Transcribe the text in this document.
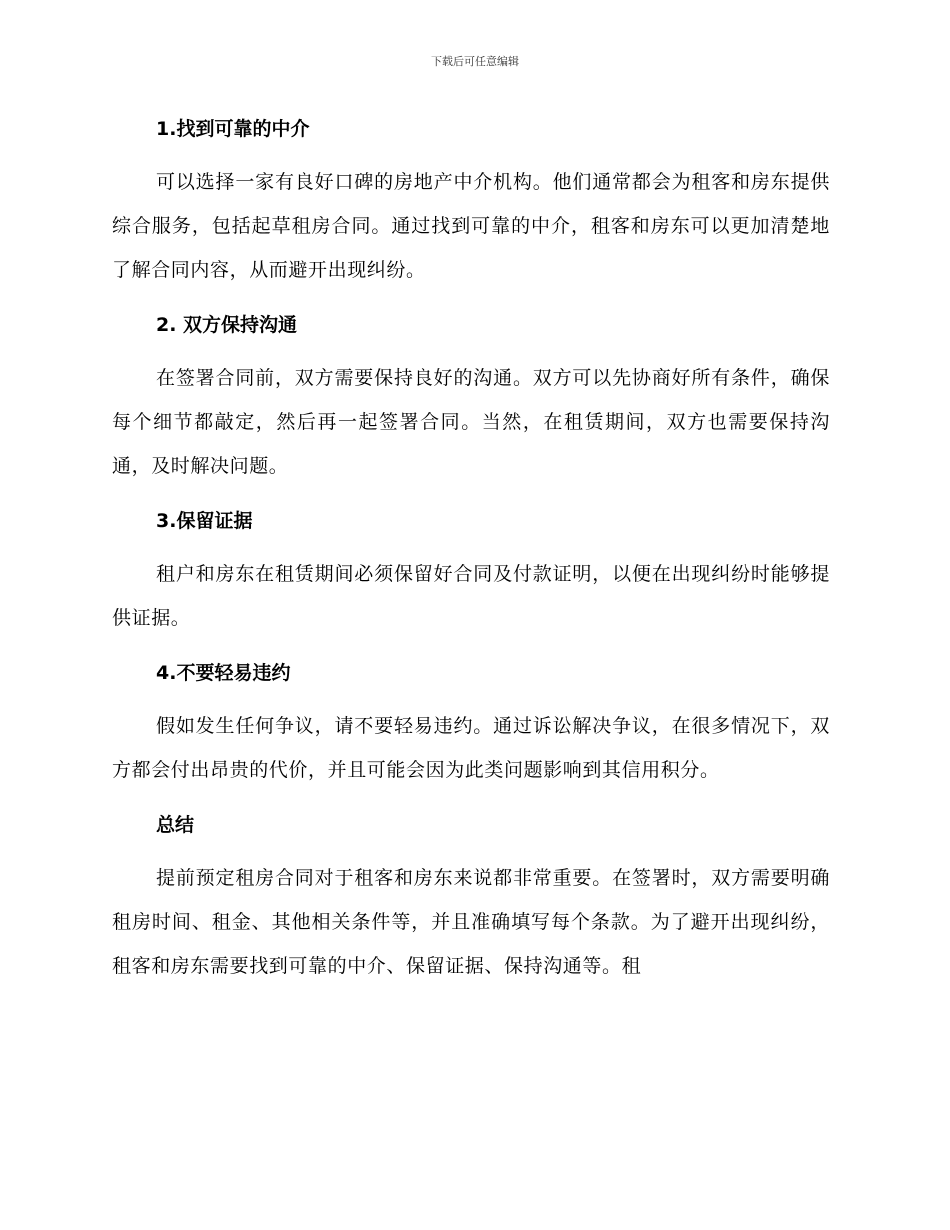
下载后可任意编辑
1.找到可靠的中介

可以选择一家有良好口碑的房地产中介机构。他们通常都会为租客和房东提供综合服务，包括起草租房合同。通过找到可靠的中介，租客和房东可以更加清楚地了解合同内容，从而避开出现纠纷。

2. 双方保持沟通

在签署合同前，双方需要保持良好的沟通。双方可以先协商好所有条件，确保每个细节都敲定，然后再一起签署合同。当然，在租赁期间，双方也需要保持沟通，及时解决问题。

3.保留证据

租户和房东在租赁期间必须保留好合同及付款证明，以便在出现纠纷时能够提供证据。

4.不要轻易违约

假如发生任何争议，请不要轻易违约。通过诉讼解决争议，在很多情况下，双方都会付出昂贵的代价，并且可能会因为此类问题影响到其信用积分。

总结

提前预定租房合同对于租客和房东来说都非常重要。在签署时，双方需要明确租房时间、租金、其他相关条件等，并且准确填写每个条款。为了避开出现纠纷，租客和房东需要找到可靠的中介、保留证据、保持沟通等。租
